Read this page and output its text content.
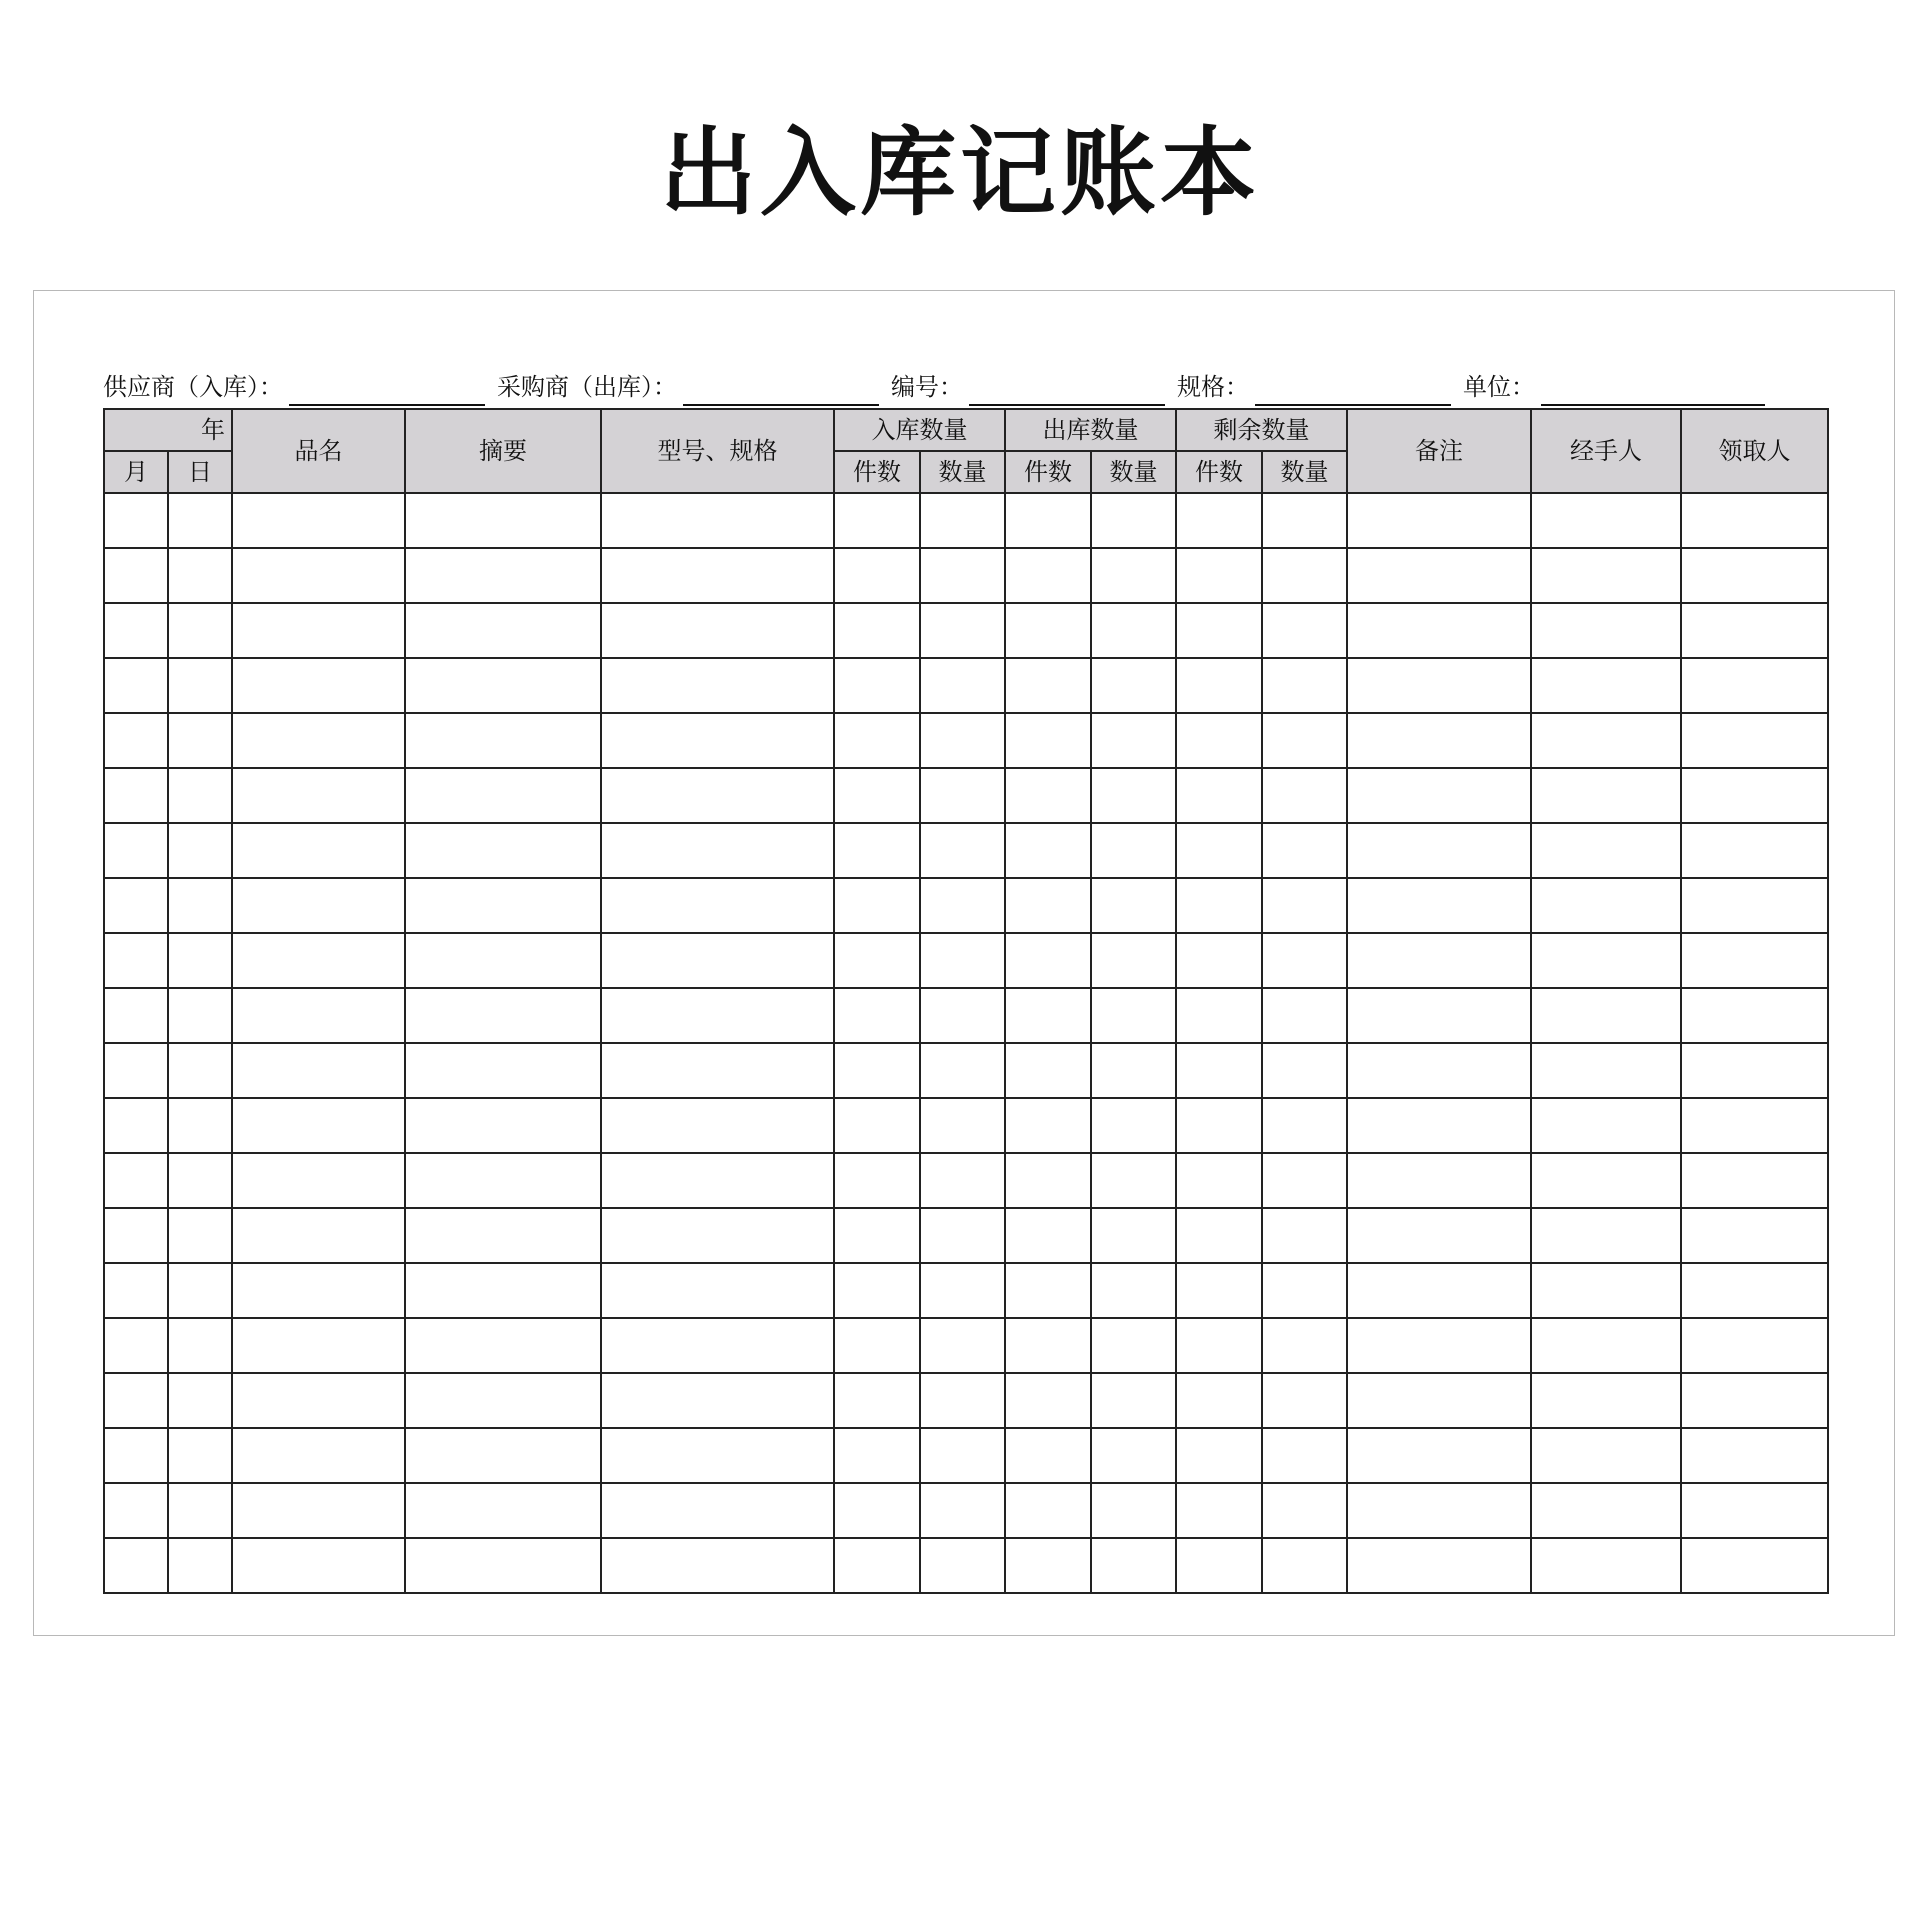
出入库记账本
供应商（入库）：	采购商（出库）：	编号：	规格：	单位：
年		品名	摘要	型号、规格	入库数量		出库数量		剩余数量		备注	经手人	领取人
月	日				件数	数量	件数	数量	件数	数量			
